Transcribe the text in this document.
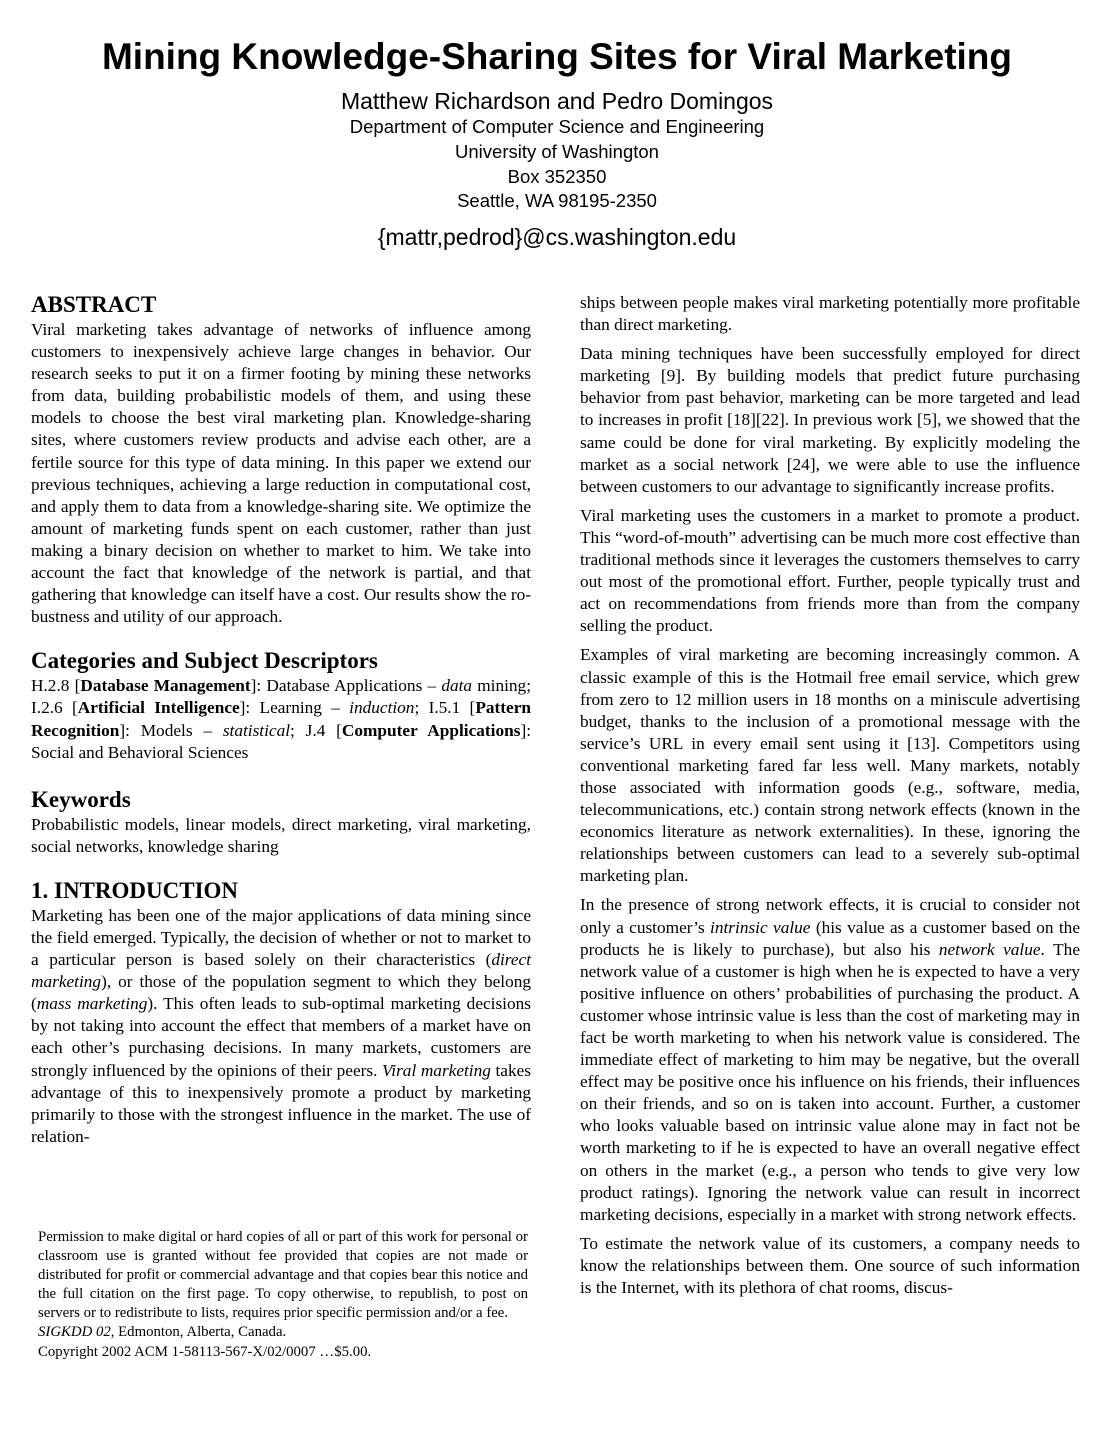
Mining Knowledge-Sharing Sites for Viral Marketing
Matthew Richardson and Pedro Domingos
Department of Computer Science and Engineering
University of Washington
Box 352350
Seattle, WA 98195-2350
{mattr,pedrod}@cs.washington.edu
ABSTRACT

Viral marketing takes advantage of networks of influence among customers to inexpensively achieve large changes in behavior. Our research seeks to put it on a firmer footing by mining these networks from data, building probabilistic models of them, and using these models to choose the best viral marketing plan. Knowledge-sharing sites, where customers review products and advise each other, are a fertile source for this type of data mining. In this paper we extend our previous techniques, achieving a large reduction in computational cost, and apply them to data from a knowledge-sharing site. We optimize the amount of marketing funds spent on each customer, rather than just making a binary decision on whether to market to him. We take into account the fact that knowledge of the network is partial, and that gathering that knowledge can itself have a cost. Our results show the robustness and utility of our approach.

Categories and Subject Descriptors

H.2.8 [Database Management]: Database Applications – data mining; I.2.6 [Artificial Intelligence]: Learning – induction; I.5.1 [Pattern Recognition]: Models – statistical; J.4 [Computer Applications]: Social and Behavioral Sciences

Keywords

Probabilistic models, linear models, direct marketing, viral marketing, social networks, knowledge sharing

1. INTRODUCTION

Marketing has been one of the major applications of data mining since the field emerged. Typically, the decision of whether or not to market to a particular person is based solely on their characteristics (direct marketing), or those of the population segment to which they belong (mass marketing). This often leads to sub-optimal marketing decisions by not taking into account the effect that members of a market have on each other’s purchasing decisions. In many markets, customers are strongly influenced by the opinions of their peers. Viral marketing takes advantage of this to inexpensively promote a product by marketing primarily to those with the strongest influence in the market. The use of relation-

Permission to make digital or hard copies of all or part of this work for personal or classroom use is granted without fee provided that copies are not made or distributed for profit or commercial advantage and that copies bear this notice and the full citation on the first page. To copy otherwise, to republish, to post on servers or to redistribute to lists, requires prior specific permission and/or a fee.

SIGKDD 02, Edmonton, Alberta, Canada.

Copyright 2002 ACM 1-58113-567-X/02/0007 …$5.00.

ships between people makes viral marketing potentially more profitable than direct marketing.

Data mining techniques have been successfully employed for direct marketing [9]. By building models that predict future purchasing behavior from past behavior, marketing can be more targeted and lead to increases in profit [18][22]. In previous work [5], we showed that the same could be done for viral marketing. By explicitly modeling the market as a social network [24], we were able to use the influence between customers to our advantage to significantly increase profits.

Viral marketing uses the customers in a market to promote a product. This “word-of-mouth” advertising can be much more cost effective than traditional methods since it leverages the customers themselves to carry out most of the promotional effort. Further, people typically trust and act on recommendations from friends more than from the company selling the product.

Examples of viral marketing are becoming increasingly common. A classic example of this is the Hotmail free email service, which grew from zero to 12 million users in 18 months on a miniscule advertising budget, thanks to the inclusion of a promotional message with the service’s URL in every email sent using it [13]. Competitors using conventional marketing fared far less well. Many markets, notably those associated with information goods (e.g., software, media, telecommunications, etc.) contain strong network effects (known in the economics literature as network externalities). In these, ignoring the relationships between customers can lead to a severely sub-optimal marketing plan.

In the presence of strong network effects, it is crucial to consider not only a customer’s intrinsic value (his value as a customer based on the products he is likely to purchase), but also his network value. The network value of a customer is high when he is expected to have a very positive influence on others’ probabilities of purchasing the product. A customer whose intrinsic value is less than the cost of marketing may in fact be worth marketing to when his network value is considered. The immediate effect of marketing to him may be negative, but the overall effect may be positive once his influence on his friends, their influences on their friends, and so on is taken into account. Further, a customer who looks valuable based on intrinsic value alone may in fact not be worth marketing to if he is expected to have an overall negative effect on others in the market (e.g., a person who tends to give very low product ratings). Ignoring the network value can result in incorrect marketing decisions, especially in a market with strong network effects.

To estimate the network value of its customers, a company needs to know the relationships between them. One source of such information is the Internet, with its plethora of chat rooms, discus-
